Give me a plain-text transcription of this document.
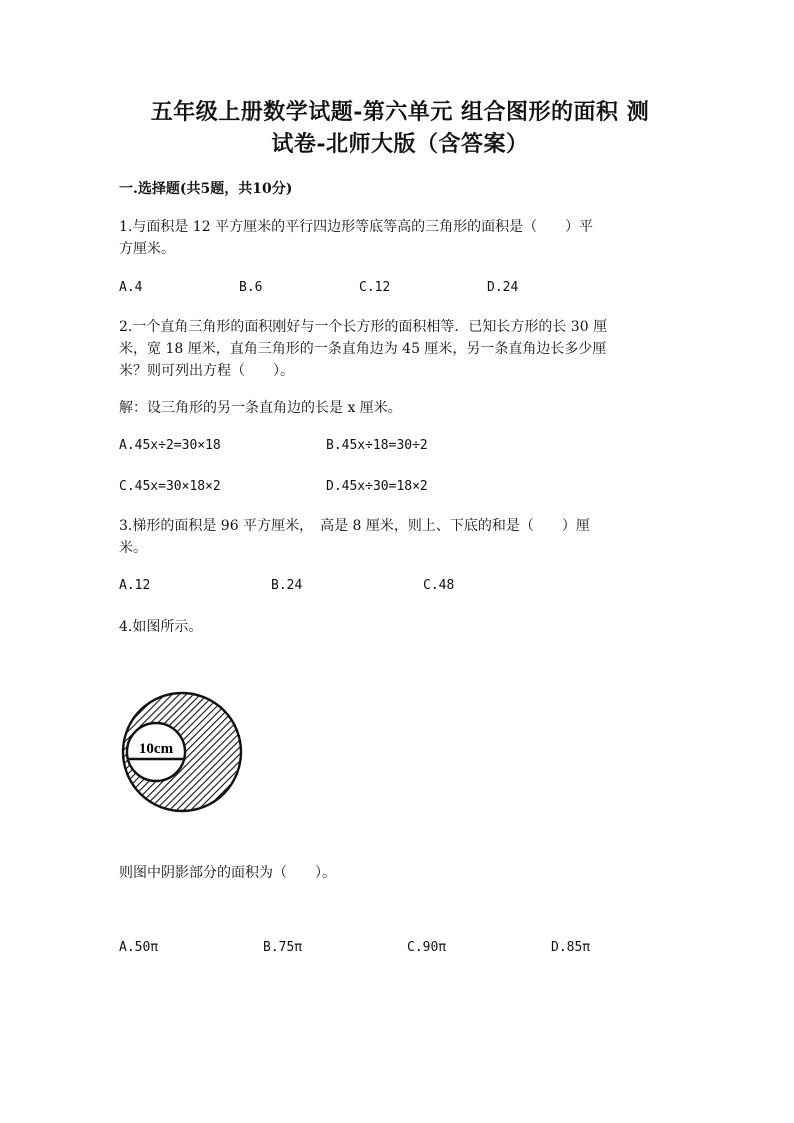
五年级上册数学试题-第六单元 组合图形的面积 测
试卷-北师大版（含答案）
一.选择题(共5题，共10分)
1.与面积是 12 平方厘米的平行四边形等底等高的三角形的面积是（　　）平
方厘米。
A.4	B.6	C.12	D.24
2.一个直角三角形的面积刚好与一个长方形的面积相等．已知长方形的长 30 厘
米，宽 18 厘米，直角三角形的一条直角边为 45 厘米，另一条直角边长多少厘
米？则可列出方程（　　）。
解：设三角形的另一条直角边的长是 x 厘米。
A.45x÷2=30×18	B.45x÷18=30÷2
C.45x=30×18×2	D.45x÷30=18×2
3.梯形的面积是 96 平方厘米，　高是 8 厘米，则上、下底的和是（　　）厘
米。
A.12	B.24	C.48
4.如图所示。
10cm
则图中阴影部分的面积为（　　）。
A.50π	B.75π	C.90π	D.85π
